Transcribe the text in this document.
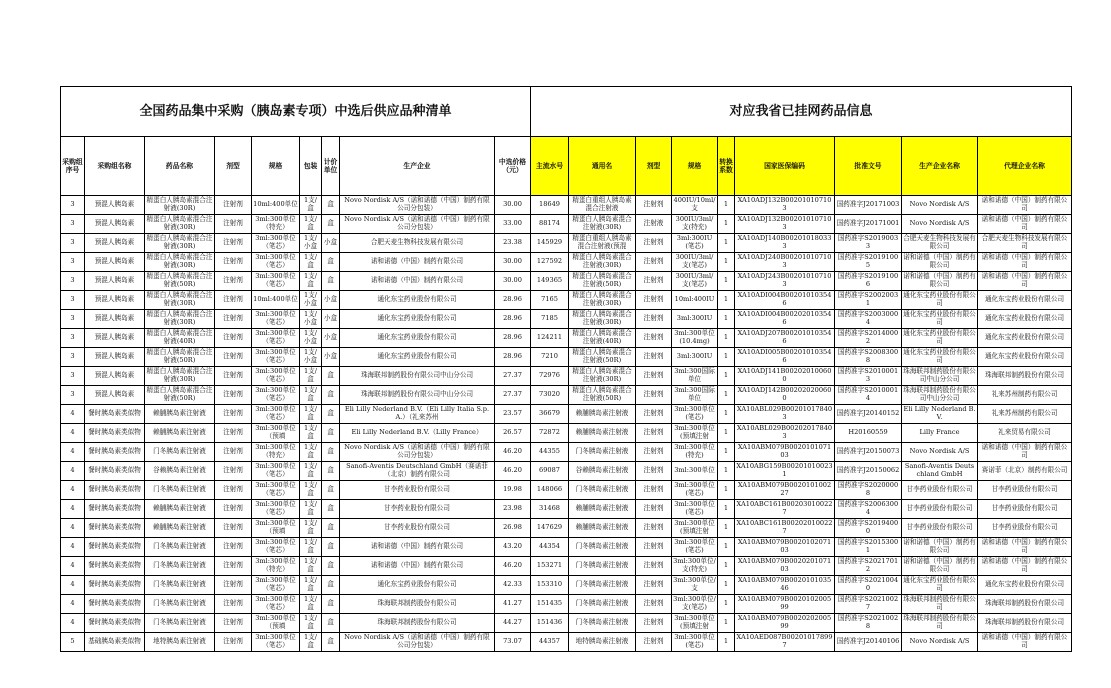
全国药品集中采购（胰岛素专项）中选后供应品种清单									对应我省已挂网药品信息								
采购组序号	采购组名称	药品名称	剂型	规格	包装	计价单位	生产企业	中选价格（元）	主流水号	通用名	剂型	规格	转换系数	国家医保编码	批准文号	生产企业名称	代理企业名称
3	预混人胰岛素	精蛋白人胰岛素混合注射液(30R)	注射剂	10ml:400单位	1支/盒	盒	Novo Nordisk A/S（诺和诺德（中国）制药有限公司分包装）	30.00	18649	精蛋白重组人胰岛素混合注射液	注射剂	400IU/10ml/支	1	XA10ADJ132B002010107103	国药准字J20171003	Novo Nordisk A/S	诺和诺德（中国）制药有限公司
3	预混人胰岛素	精蛋白人胰岛素混合注射液(30R)	注射剂	3ml:300单位（特充）	1支/盒	盒	Novo Nordisk A/S（诺和诺德（中国）制药有限公司分包装）	33.00	88174	精蛋白人胰岛素混合注射液(30R)	注射液	300IU/3ml/支(特充)	1	XA10ADJ132B002010107103	国药准字J20171001	Novo Nordisk A/S	诺和诺德（中国）制药有限公司
3	预混人胰岛素	精蛋白人胰岛素混合注射液(30R)	注射剂	3ml:300单位（笔芯）	1支/小盒	小盒	合肥天麦生物科技发展有限公司	23.38	145929	精蛋白重组人胰岛素混合注射液(预混	注射剂	3ml:300IU(笔芯)	1	XA10ADJ140B002010180333	国药准字S20190033	合肥天麦生物科技发展有限公司	合肥天麦生物科技发展有限公司
3	预混人胰岛素	精蛋白人胰岛素混合注射液(30R)	注射剂	3ml:300单位（笔芯）	1支/盒	盒	诺和诺德（中国）制药有限公司	30.00	127592	精蛋白人胰岛素混合注射液(30R)	注射剂	300IU/3ml/支(笔芯)	1	XA10ADJ240B002010107103	国药准字S20191005	诺和诺德（中国）制药有限公司	诺和诺德（中国）制药有限公司
3	预混人胰岛素	精蛋白人胰岛素混合注射液(50R)	注射剂	3ml:300单位（笔芯）	1支/盒	盒	诺和诺德（中国）制药有限公司	30.00	149365	精蛋白人胰岛素混合注射液(50R)	注射剂	300IU/3ml/支(笔芯)	1	XA10ADJ243B002010107103	国药准字S20191006	诺和诺德（中国）制药有限公司	诺和诺德（中国）制药有限公司
3	预混人胰岛素	精蛋白人胰岛素混合注射液(30R)	注射剂	10ml:400单位	1支/小盒	小盒	通化东宝药业股份有限公司	28.96	7165	精蛋白人胰岛素混合注射液(30R)	注射剂	10ml:400IU	1	XA10ADI004B002010103546	国药准字S20020031	通化东宝药业股份有限公司	通化东宝药业股份有限公司
3	预混人胰岛素	精蛋白人胰岛素混合注射液(30R)	注射剂	3ml:300单位（笔芯）	1支/小盒	小盒	通化东宝药业股份有限公司	28.96	7185	精蛋白人胰岛素混合注射液(30R)	注射剂	3ml:300IU	1	XA10ADI004B002020103546	国药准字S20030004	通化东宝药业股份有限公司	通化东宝药业股份有限公司
3	预混人胰岛素	精蛋白人胰岛素混合注射液(40R)	注射剂	3ml:300单位（笔芯）	1支/小盒	小盒	通化东宝药业股份有限公司	28.96	124211	精蛋白人胰岛素混合注射液(40R)	注射剂	3ml:300单位(10.4mg)	1	XA10ADJ207B002010103546	国药准字S20140002	通化东宝药业股份有限公司	通化东宝药业股份有限公司
3	预混人胰岛素	精蛋白人胰岛素混合注射液(50R)	注射剂	3ml:300单位（笔芯）	1支/小盒	小盒	通化东宝药业股份有限公司	28.96	7210	精蛋白人胰岛素混合注射液(50R)	注射剂	3ml:300IU	1	XA10ADI005B002010103546	国药准字S20083008	通化东宝药业股份有限公司	通化东宝药业股份有限公司
3	预混人胰岛素	精蛋白人胰岛素混合注射液(30R)	注射剂	3ml:300单位（笔芯）	1支/盒	盒	珠海联邦制药股份有限公司中山分公司	27.37	72976	精蛋白人胰岛素混合注射液(30R)	注射剂	3ml:300国际单位	1	XA10ADJ141B002020100600	国药准字S20100013	珠海联邦制药股份有限公司中山分公司	珠海联邦制药股份有限公司
3	预混人胰岛素	精蛋白人胰岛素混合注射液(50R)	注射剂	3ml:300单位（笔芯）	1支/盒	盒	珠海联邦制药股份有限公司中山分公司	27.37	73020	精蛋白人胰岛素混合注射液(50R)	注射剂	3ml:300国际单位	1	XA10ADJ142B002020200600	国药准字S20100014	珠海联邦制药股份有限公司中山分公司	礼来苏州制药有限公司
4	餐时胰岛素类似物	赖脯胰岛素注射液	注射剂	3ml:300单位（笔芯）	1支/盒	盒	Eli Lilly Nederland B.V.（Eli Lilly Italia S.p.A.）（礼来苏州	23.57	36679	赖脯胰岛素注射液	注射剂	3ml:300单位(笔芯)	1	XA10ABL029B002010178403	国药准字J20140152	Eli Lilly Nederland B.V.	礼来苏州制药有限公司
4	餐时胰岛素类似物	赖脯胰岛素注射液	注射剂	3ml:300单位（预填	1支/盒	盒	Eli Lilly Nederland B.V.（Lilly France）	26.57	72872	赖脯胰岛素注射液	注射剂	3ml:300单位(预填注射	1	XA10ABL029B002020178403	H20160559	Lilly France	礼来贸易有限公司
4	餐时胰岛素类似物	门冬胰岛素注射液	注射剂	3ml:300单位（特充）	1支/盒	盒	Novo Nordisk A/S（诺和诺德（中国）制药有限公司分包装）	46.20	44355	门冬胰岛素注射液	注射剂	3ml:300单位(特充)	1	XA10ABM079B002010107103	国药准字J20150073	Novo Nordisk A/S	诺和诺德（中国）制药有限公司
4	餐时胰岛素类似物	谷赖胰岛素注射液	注射剂	3ml:300单位（笔芯）	1支/盒	盒	Sanofi-Aventis Deutschland GmbH（赛诺菲（北京）制药有限公司	46.20	69087	谷赖胰岛素注射液	注射剂	3ml:300单位	1	XA10ABG159B002010100231	国药准字J20150062	Sanofi-Aventis Deutschland GmbH	赛诺菲（北京）制药有限公司
4	餐时胰岛素类似物	门冬胰岛素注射液	注射剂	3ml:300单位（笔芯）	1支/盒	盒	甘李药业股份有限公司	19.98	148066	门冬胰岛素注射液	注射剂	3ml:300单位(笔芯)	1	XA10ABM079B002010100227	国药准字S20200008	甘李药业股份有限公司	甘李药业股份有限公司
4	餐时胰岛素类似物	赖脯胰岛素注射液	注射剂	3ml:300单位（笔芯）	1支/盒	盒	甘李药业股份有限公司	23.98	31468	赖脯胰岛素注射液	注射剂	3ml:300单位(笔芯)	1	XA10ABC161B002030100227	国药准字S20063004	甘李药业股份有限公司	甘李药业股份有限公司
4	餐时胰岛素类似物	赖脯胰岛素注射液	注射剂	3ml:300单位（预填	1支/盒	盒	甘李药业股份有限公司	26.98	147629	赖脯胰岛素注射液	注射剂	3ml:300单位(预填注射	1	XA10ABC161B002020100227	国药准字S20194000	甘李药业股份有限公司	甘李药业股份有限公司
4	餐时胰岛素类似物	门冬胰岛素注射液	注射剂	3ml:300单位（笔芯）	1支/盒	盒	诺和诺德（中国）制药有限公司	43.20	44354	门冬胰岛素注射液	注射剂	3ml:300单位(笔芯)	1	XA10ABM079B002010207103	国药准字S20153001	诺和诺德（中国）制药有限公司	诺和诺德（中国）制药有限公司
4	餐时胰岛素类似物	门冬胰岛素注射液	注射剂	3ml:300单位（特充）	1支/盒	盒	诺和诺德（中国）制药有限公司	46.20	153271	门冬胰岛素注射液	注射剂	3ml:300单位/支(特充)	1	XA10ABM079B002020107103	国药准字S20217012	诺和诺德（中国）制药有限公司	诺和诺德（中国）制药有限公司
4	餐时胰岛素类似物	门冬胰岛素注射液	注射剂	3ml:300单位（笔芯）	1支/盒	盒	通化东宝药业股份有限公司	42.33	153310	门冬胰岛素注射液	注射剂	3ml:300单位/支	1	XA10ABM079B002010103546	国药准字S20210040	通化东宝药业股份有限公司	通化东宝药业股份有限公司
4	餐时胰岛素类似物	门冬胰岛素注射液	注射剂	3ml:300单位（笔芯）	1支/盒	盒	珠海联邦制药股份有限公司	41.27	151435	门冬胰岛素注射液	注射剂	3ml:300单位/支(笔芯)	1	XA10ABM079B002010200599	国药准字S20210027	珠海联邦制药股份有限公司	珠海联邦制药股份有限公司
4	餐时胰岛素类似物	门冬胰岛素注射液	注射剂	3ml:300单位（预填	1支/盒	盒	珠海联邦制药股份有限公司	44.27	151436	门冬胰岛素注射液	注射剂	3ml:300单位(预填注射	1	XA10ABM079B002020200599	国药准字S20210028	珠海联邦制药股份有限公司	珠海联邦制药股份有限公司
5	基础胰岛素类似物	地特胰岛素注射液	注射剂	3ml:300单位（笔芯）	1支/盒	盒	Novo Nordisk A/S（诺和诺德（中国）制药有限公司分包装）	73.07	44357	地特胰岛素注射液	注射剂	3ml:300单位(笔芯)	1	XA10AED087B002010178997	国药准字J20140106	Novo Nordisk A/S	诺和诺德（中国）制药有限公司
